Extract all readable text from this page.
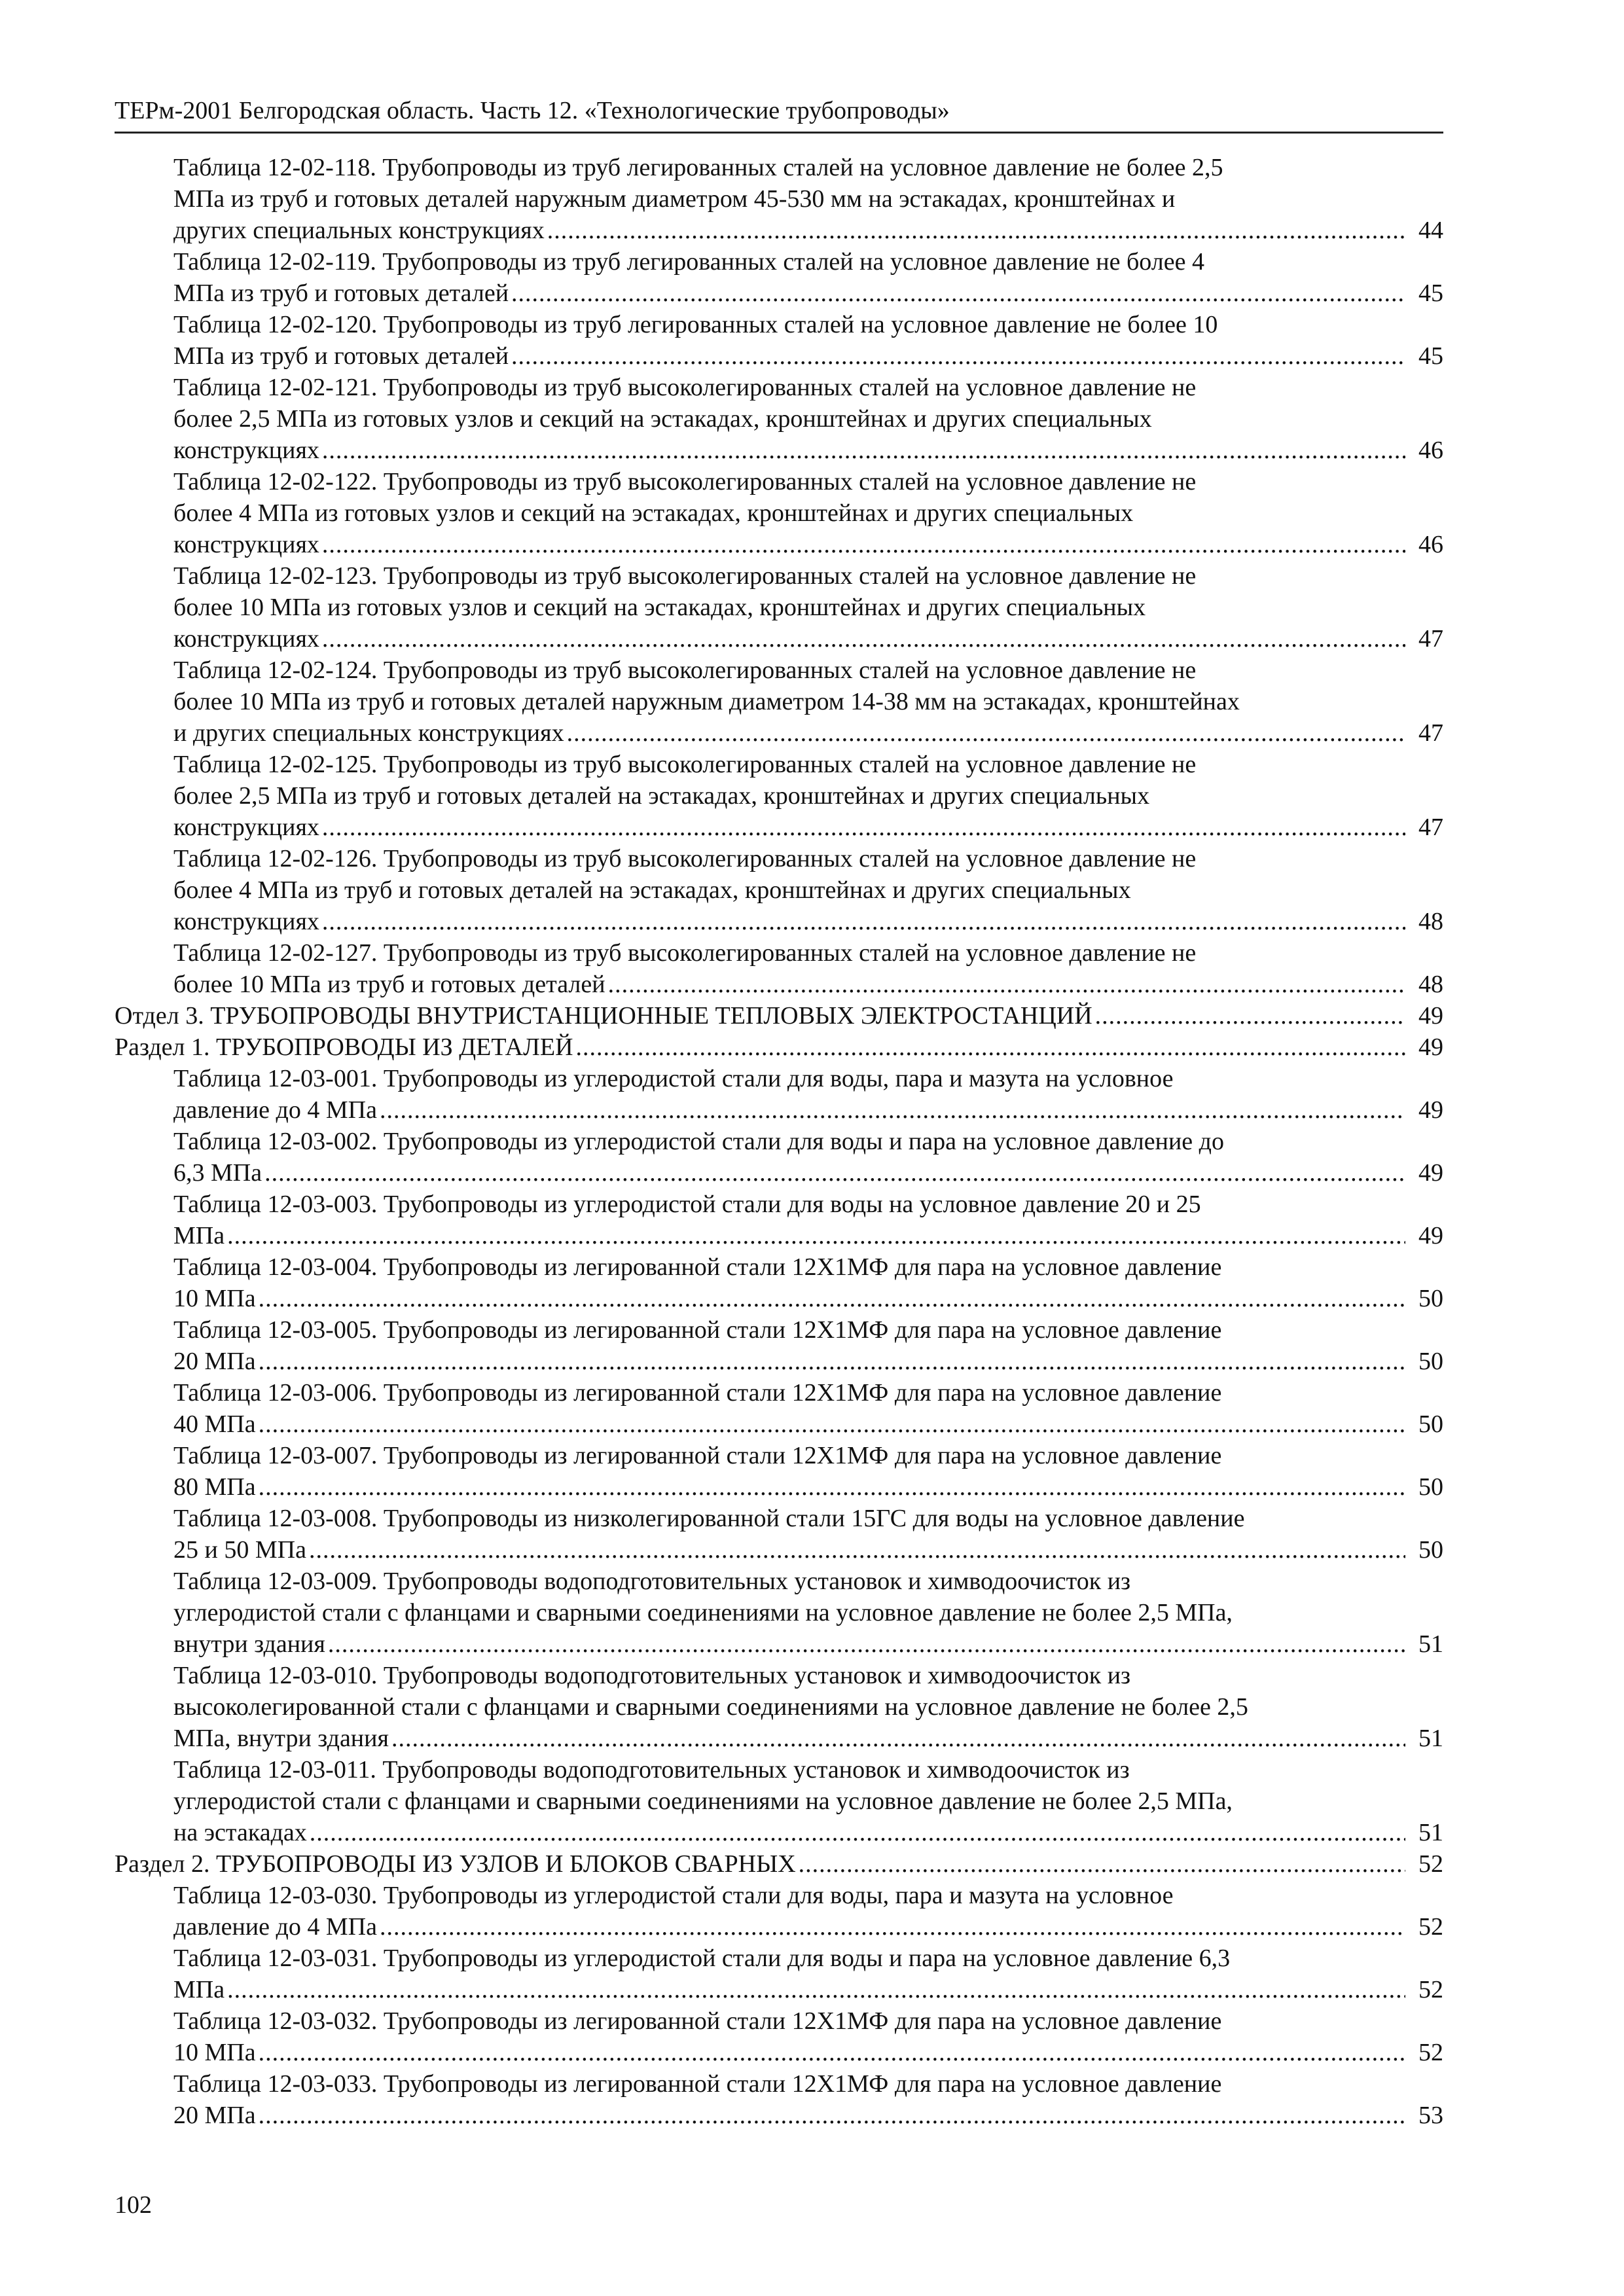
ТЕРм-2001 Белгородская область. Часть 12. «Технологические трубопроводы»
Таблица 12-02-118. Трубопроводы из труб легированных сталей на условное давление не более 2,5
МПа из труб и готовых деталей наружным диаметром 45-530 мм на эстакадах, кронштейнах и
других специальных конструкциях .....	44
Таблица 12-02-119. Трубопроводы из труб легированных сталей на условное давление не более 4
МПа из труб и готовых деталей .....	45
Таблица 12-02-120. Трубопроводы из труб легированных сталей на условное давление не более 10
МПа из труб и готовых деталей .....	45
Таблица 12-02-121. Трубопроводы из труб высоколегированных сталей на условное давление не
более 2,5 МПа из готовых узлов и секций на эстакадах, кронштейнах и других специальных
конструкциях .....	46
Таблица 12-02-122. Трубопроводы из труб высоколегированных сталей на условное давление не
более 4 МПа из готовых узлов и секций на эстакадах, кронштейнах и других специальных
конструкциях .....	46
Таблица 12-02-123. Трубопроводы из труб высоколегированных сталей на условное давление не
более 10 МПа из готовых узлов и секций на эстакадах, кронштейнах и других специальных
конструкциях .....	47
Таблица 12-02-124. Трубопроводы из труб высоколегированных сталей на условное давление не
более 10 МПа из труб и готовых деталей наружным диаметром 14-38 мм на эстакадах, кронштейнах
и других специальных конструкциях .....	47
Таблица 12-02-125. Трубопроводы из труб высоколегированных сталей на условное давление не
более 2,5 МПа из труб и готовых деталей на эстакадах, кронштейнах и других специальных
конструкциях .....	47
Таблица 12-02-126. Трубопроводы из труб высоколегированных сталей на условное давление не
более 4 МПа из труб и готовых деталей на эстакадах, кронштейнах и других специальных
конструкциях .....	48
Таблица 12-02-127. Трубопроводы из труб высоколегированных сталей на условное давление не
более 10 МПа из труб и готовых деталей .....	48
Отдел 3. ТРУБОПРОВОДЫ ВНУТРИСТАНЦИОННЫЕ ТЕПЛОВЫХ ЭЛЕКТРОСТАНЦИЙ .....	49
Раздел 1. ТРУБОПРОВОДЫ ИЗ ДЕТАЛЕЙ .....	49
Таблица 12-03-001. Трубопроводы из углеродистой стали для воды, пара и мазута на условное
давление до 4 МПа .....	49
Таблица 12-03-002. Трубопроводы из углеродистой стали для воды и пара на условное давление до
6,3 МПа .....	49
Таблица 12-03-003. Трубопроводы из углеродистой стали для воды на условное давление 20 и 25
МПа .....	49
Таблица 12-03-004. Трубопроводы из легированной стали 12Х1МФ для пара на условное давление
10 МПа .....	50
Таблица 12-03-005. Трубопроводы из легированной стали 12Х1МФ для пара на условное давление
20 МПа .....	50
Таблица 12-03-006. Трубопроводы из легированной стали 12Х1МФ для пара на условное давление
40 МПа .....	50
Таблица 12-03-007. Трубопроводы из легированной стали 12Х1МФ для пара на условное давление
80 МПа .....	50
Таблица 12-03-008. Трубопроводы из низколегированной стали 15ГС для воды на условное давление
25 и 50 МПа .....	50
Таблица 12-03-009. Трубопроводы водоподготовительных установок и химводоочисток из
углеродистой стали с фланцами и сварными соединениями на условное давление не более 2,5 МПа,
внутри здания .....	51
Таблица 12-03-010. Трубопроводы водоподготовительных установок и химводоочисток из
высоколегированной стали с фланцами и сварными соединениями на условное давление не более 2,5
МПа, внутри здания .....	51
Таблица 12-03-011. Трубопроводы водоподготовительных установок и химводоочисток из
углеродистой стали с фланцами и сварными соединениями на условное давление не более 2,5 МПа,
на эстакадах .....	51
Раздел 2. ТРУБОПРОВОДЫ ИЗ УЗЛОВ И БЛОКОВ СВАРНЫХ .....	52
Таблица 12-03-030. Трубопроводы из углеродистой стали для воды, пара и мазута на условное
давление до 4 МПа .....	52
Таблица 12-03-031. Трубопроводы из углеродистой стали для воды и пара на условное давление 6,3
МПа .....	52
Таблица 12-03-032. Трубопроводы из легированной стали 12Х1МФ для пара на условное давление
10 МПа .....	52
Таблица 12-03-033. Трубопроводы из легированной стали 12Х1МФ для пара на условное давление
20 МПа .....	53
102
